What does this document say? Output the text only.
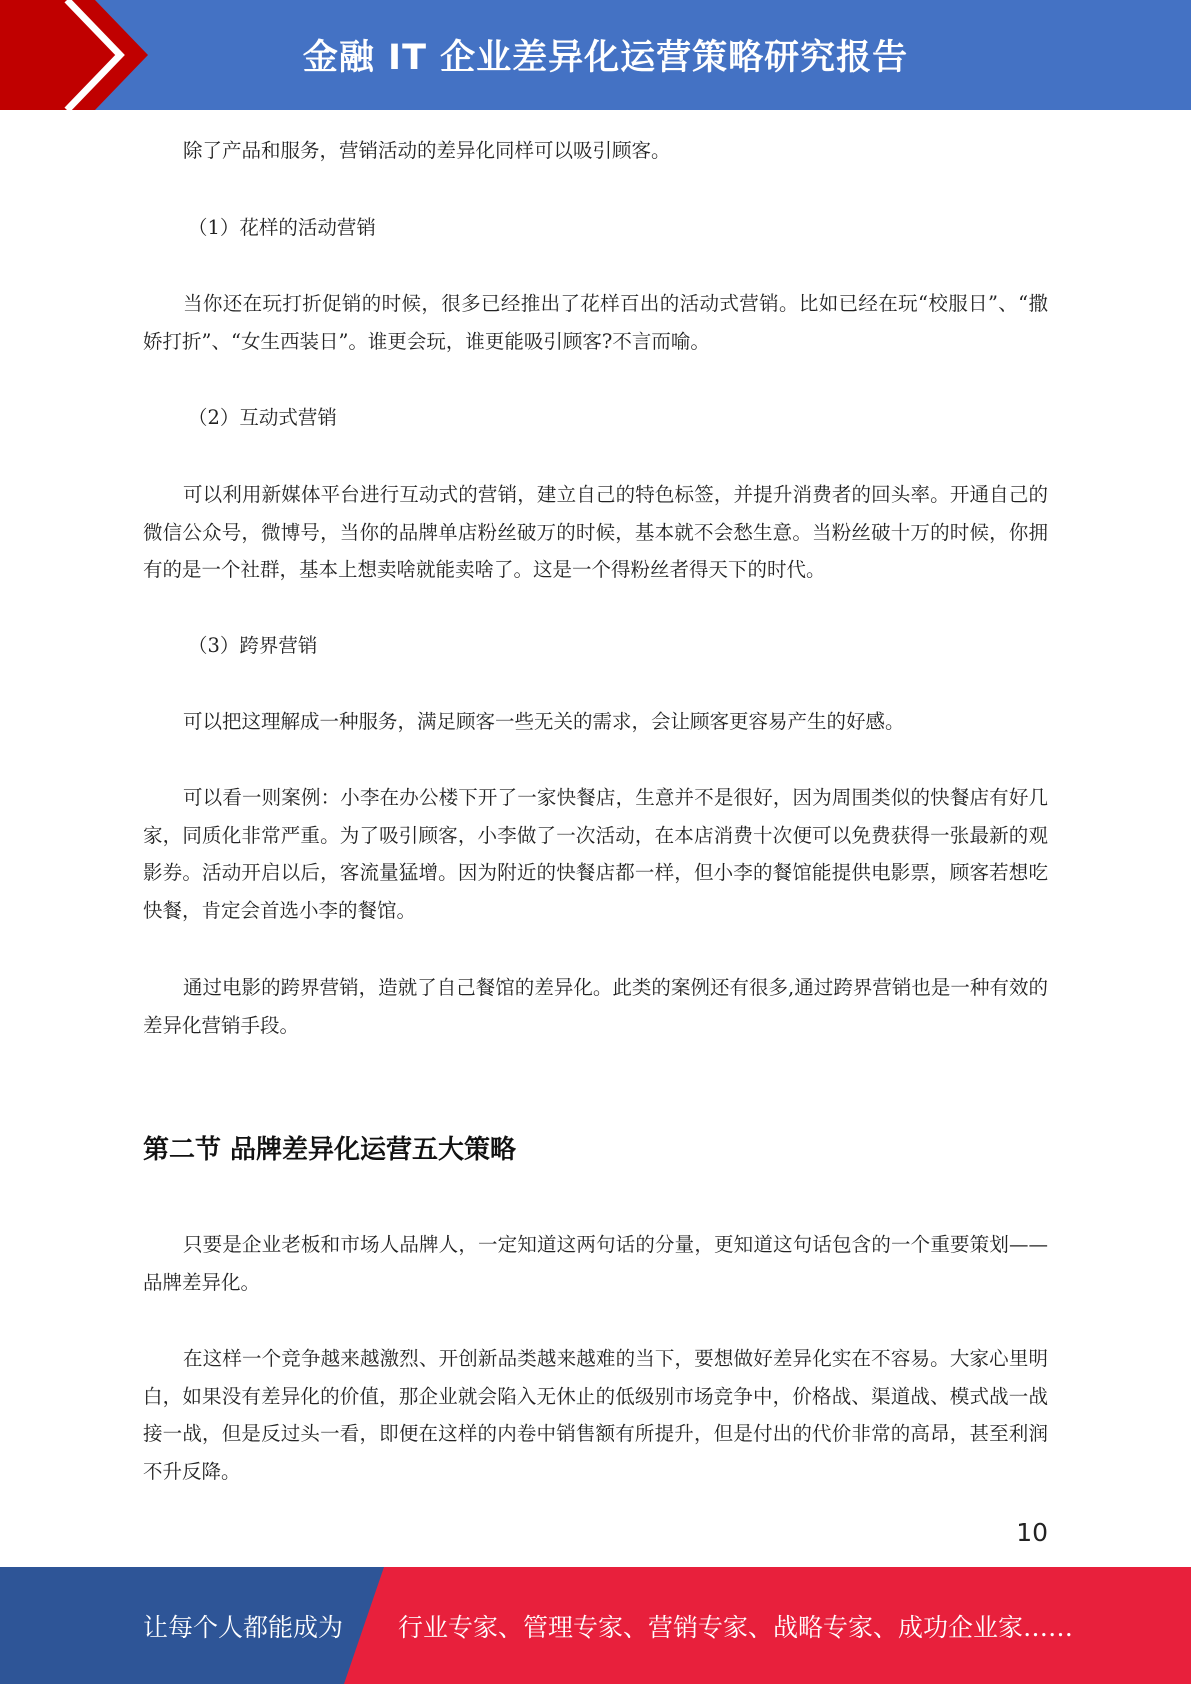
金融 IT 企业差异化运营策略研究报告

除了产品和服务，营销活动的差异化同样可以吸引顾客。

（1）花样的活动营销

当你还在玩打折促销的时候，很多已经推出了花样百出的活动式营销。比如已经在玩“校服日”、“撒娇打折”、“女生西装日”。谁更会玩，谁更能吸引顾客?不言而喻。

（2）互动式营销

可以利用新媒体平台进行互动式的营销，建立自己的特色标签，并提升消费者的回头率。开通自己的微信公众号，微博号，当你的品牌单店粉丝破万的时候，基本就不会愁生意。当粉丝破十万的时候，你拥有的是一个社群，基本上想卖啥就能卖啥了。这是一个得粉丝者得天下的时代。

（3）跨界营销

可以把这理解成一种服务，满足顾客一些无关的需求，会让顾客更容易产生的好感。

可以看一则案例：小李在办公楼下开了一家快餐店，生意并不是很好，因为周围类似的快餐店有好几家，同质化非常严重。为了吸引顾客，小李做了一次活动，在本店消费十次便可以免费获得一张最新的观影券。活动开启以后，客流量猛增。因为附近的快餐店都一样，但小李的餐馆能提供电影票，顾客若想吃快餐，肯定会首选小李的餐馆。

通过电影的跨界营销，造就了自己餐馆的差异化。此类的案例还有很多,通过跨界营销也是一种有效的差异化营销手段。

第二节 品牌差异化运营五大策略

只要是企业老板和市场人品牌人，一定知道这两句话的分量，更知道这句话包含的一个重要策划——品牌差异化。

在这样一个竞争越来越激烈、开创新品类越来越难的当下，要想做好差异化实在不容易。大家心里明白，如果没有差异化的价值，那企业就会陷入无休止的低级别市场竞争中，价格战、渠道战、模式战一战接一战，但是反过头一看，即便在这样的内卷中销售额有所提升，但是付出的代价非常的高昂，甚至利润不升反降。

10
让每个人都能成为 行业专家、管理专家、营销专家、战略专家、成功企业家……
